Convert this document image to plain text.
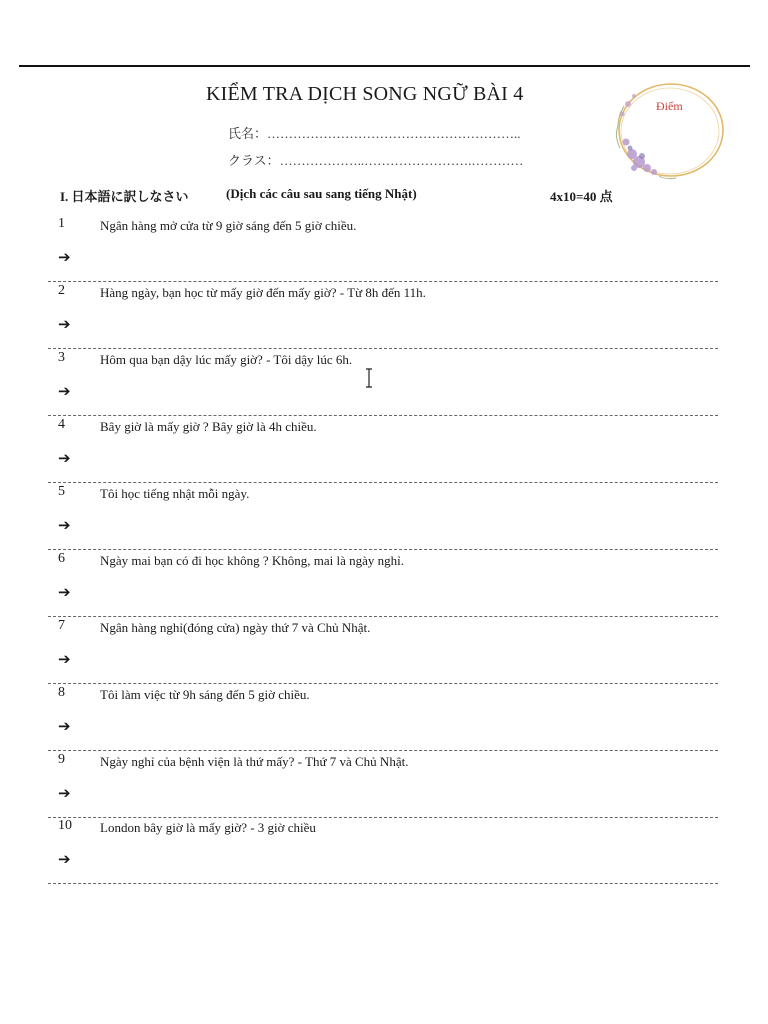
KIỂM TRA DỊCH SONG NGỮ BÀI 4
氏名：…………………………………………………..
クラス：………………..…………………….…………
Điểm
I. 日本語に訳しなさい	(Dịch các câu sau sang tiếng Nhật)	4x10=40 点
1	Ngân hàng mở cửa từ 9 giờ sáng đến 5 giờ chiều.
➔
2	Hàng ngày, bạn học từ mấy giờ đến mấy giờ? - Từ 8h đến 11h.
➔
3	Hôm qua bạn dậy lúc mấy giờ? - Tôi dậy lúc 6h.
➔
4	Bây giờ là mấy giờ ? Bây giờ là 4h chiều.
➔
5	Tôi học tiếng nhật mỗi ngày.
➔
6	Ngày mai bạn có đi học không ? Không, mai là ngày nghỉ.
➔
7	Ngân hàng nghỉ(đóng cửa) ngày thứ 7 và Chủ Nhật.
➔
8	Tôi làm việc từ 9h sáng đến 5 giờ chiều.
➔
9	Ngày nghỉ của bệnh viện là thứ mấy? - Thứ 7 và Chủ Nhật.
➔
10 London bây giờ là mấy giờ? - 3 giờ chiều
➔
